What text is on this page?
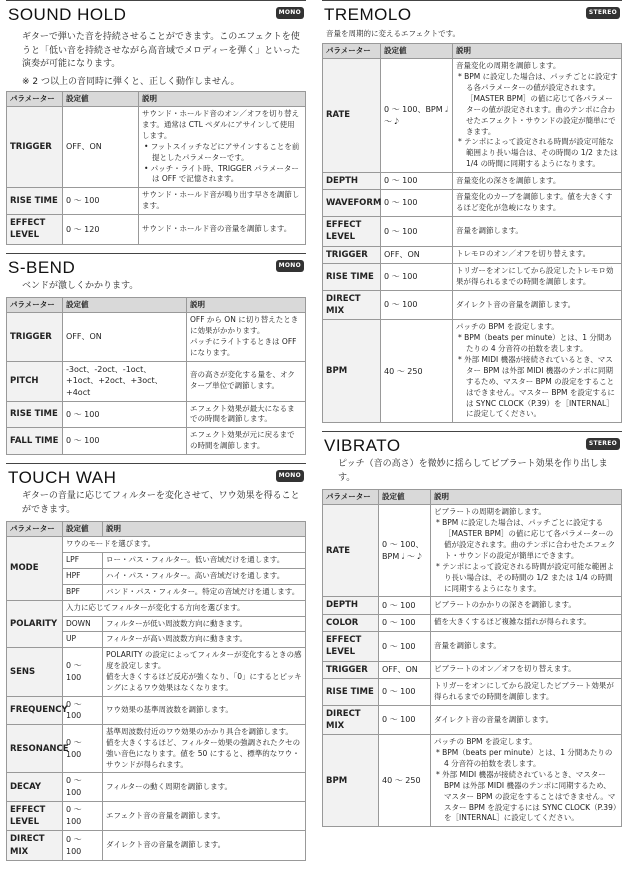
SOUND HOLD	MONO

ギターで弾いた音を持続させることができます。このエフェクトを使うと「低い音を持続させながら高音域でメロディーを弾く」といった演奏が可能になります。

※ 2 つ以上の音同時に弾くと、正しく動作しません。

パラメーター	設定値	説明
TRIGGER	OFF、ON	サウンド・ホールド音のオン／オフを切り替えます。通常は CTL ペダルにアサインして使用します。
• フットスイッチなどにアサインすることを前提としたパラメーターです。
• パッチ・ライト時、TRIGGER パラメーターは OFF で記憶されます。

RISE TIME	0 ～ 100	サウンド・ホールド音が鳴り出す早さを調節します。

EFFECT LEVEL	0 ～ 120	サウンド・ホールド音の音量を調節します。
S-BEND	MONO

ベンドが激しくかかります。

パラメーター	設定値	説明
TRIGGER	OFF、ON	OFF から ON に切り替えたときに効果がかかります。
パッチにライトするときは OFF になります。

PITCH	-3oct、-2oct、-1oct、+1oct、+2oct、+3oct、+4oct	音の高さが変化する量を、オクターブ単位で調節します。

RISE TIME	0 ～ 100	エフェクト効果が最大になるまでの時間を調節します。

FALL TIME	0 ～ 100	エフェクト効果が元に戻るまでの時間を調節します。
TOUCH WAH	MONO

ギターの音量に応じてフィルターを変化させて、ワウ効果を得ることができます。

パラメーター	設定値	説明
MODE	ワウのモードを選びます。	
	LPF	ロー・パス・フィルター。低い音域だけを通します。
	HPF	ハイ・パス・フィルター。高い音域だけを通します。
	BPF	バンド・パス・フィルター。特定の音域だけを通します。
POLARITY	入力に応じてフィルターが変化する方向を選びます。	
	DOWN	フィルターが低い周波数方向に動きます。
	UP	フィルターが高い周波数方向に動きます。
SENS	0 ～ 100	POLARITY の設定によってフィルターが変化するときの感度を設定します。
値を大きくするほど反応が強くなり、「0」にするとピッキングによるワウ効果はなくなります。

FREQUENCY	0 ～ 100	ワウ効果の基準周波数を調節します。

RESONANCE	0 ～ 100	基準周波数付近のワウ効果のかかり具合を調節します。
値を大きくするほど、フィルター効果の強調されたクセの強い音色になります。値を 50 にすると、標準的なワウ・サウンドが得られます。

DECAY	0 ～ 100	フィルターの動く周期を調節します。

EFFECT LEVEL	0 ～ 100	エフェクト音の音量を調節します。

DIRECT MIX	0 ～ 100	ダイレクト音の音量を調節します。
TREMOLO	STEREO

音量を周期的に変えるエフェクトです。

パラメーター	設定値	説明
RATE	0 ～ 100、BPM 𝅗𝅥 ～ 𝅘𝅥𝅮	音量変化の周期を調節します。
* BPM に設定した場合は、パッチごとに設定する各パラメーターの値が設定されます。［MASTER BPM］の値に応じて各パラメーターの値が設定されます。曲のテンポに合わせたエフェクト・サウンドの設定が簡単にできます。
* テンポによって設定される時間が設定可能な範囲より長い場合は、その時間の 1/2 または 1/4 の時間に同期するようになります。

DEPTH	0 ～ 100	音量変化の深さを調節します。

WAVEFORM	0 ～ 100	音量変化のカーブを調節します。値を大きくするほど変化が急峻になります。

EFFECT LEVEL	0 ～ 100	音量を調節します。

TRIGGER	OFF、ON	トレモロのオン／オフを切り替えます。

RISE TIME	0 ～ 100	トリガーをオンにしてから設定したトレモロ効果が得られるまでの時間を調節します。

DIRECT MIX	0 ～ 100	ダイレクト音の音量を調節します。

BPM	40 ～ 250	パッチの BPM を設定します。
* BPM（beats per minute）とは、1 分間あたりの 4 分音符の拍数を表します。
* 外部 MIDI 機器が接続されているとき、マスター BPM は外部 MIDI 機器のテンポに同期するため、マスター BPM の設定をすることはできません。マスター BPM を設定するには SYNC CLOCK（P.39）を［INTERNAL］に設定してください。
VIBRATO	STEREO

ピッチ（音の高さ）を微妙に揺らしてビブラート効果を作り出します。

パラメーター	設定値	説明
RATE	0 ～ 100、BPM 𝅗𝅥 ～ 𝅘𝅥𝅮	ビブラートの周期を調節します。
* BPM に設定した場合は、パッチごとに設定する［MASTER BPM］の値に応じて各パラメーターの値が設定されます。曲のテンポに合わせたエフェクト・サウンドの設定が簡単にできます。
* テンポによって設定される時間が設定可能な範囲より長い場合は、その時間の 1/2 または 1/4 の時間に同期するようになります。

DEPTH	0 ～ 100	ビブラートのかかりの深さを調節します。

COLOR	0 ～ 100	値を大きくするほど複雑な揺れが得られます。

EFFECT LEVEL	0 ～ 100	音量を調節します。

TRIGGER	OFF、ON	ビブラートのオン／オフを切り替えます。

RISE TIME	0 ～ 100	トリガーをオンにしてから設定したビブラート効果が得られるまでの時間を調節します。

DIRECT MIX	0 ～ 100	ダイレクト音の音量を調節します。

BPM	40 ～ 250	パッチの BPM を設定します。
* BPM（beats per minute）とは、1 分間あたりの 4 分音符の拍数を表します。
* 外部 MIDI 機器が接続されているとき、マスター BPM は外部 MIDI 機器のテンポに同期するため、マスター BPM の設定をすることはできません。マスター BPM を設定するには SYNC CLOCK（P.39）を［INTERNAL］に設定してください。
